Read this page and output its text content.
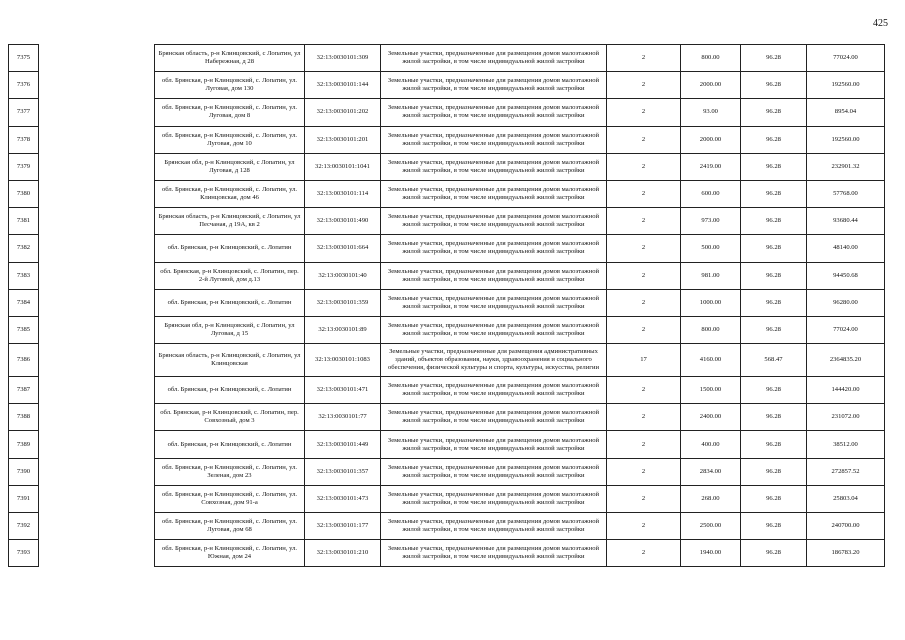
425
7375		Брянская область, р-н Клинцовский, с Лопатин, ул Набережная, д 28	32:13:0030101:309	Земельные участки, предназначенные для размещения домов малоэтажной жилой застройки, в том числе индивидуальной жилой застройки	2	800.00	96.28	77024.00
7376		обл. Брянская, р-н Клинцовский, с. Лопатин, ул. Луговая, дом 130	32:13:0030101:144	Земельные участки, предназначенные для размещения домов малоэтажной жилой застройки, в том числе индивидуальной жилой застройки	2	2000.00	96.28	192560.00
7377		обл. Брянская, р-н Клинцовский, с. Лопатин, ул. Луговая, дом 8	32:13:0030101:202	Земельные участки, предназначенные для размещения домов малоэтажной жилой застройки, в том числе индивидуальной жилой застройки	2	93.00	96.28	8954.04
7378		обл. Брянская, р-н Клинцовский, с. Лопатин, ул. Луговая, дом 10	32:13:0030101:201	Земельные участки, предназначенные для размещения домов малоэтажной жилой застройки, в том числе индивидуальной жилой застройки	2	2000.00	96.28	192560.00
7379		Брянская обл, р-н Клинцовский, с Лопатин, ул Луговая, д 128	32:13:0030101:1041	Земельные участки, предназначенные для размещения домов малоэтажной жилой застройки, в том числе индивидуальной жилой застройки	2	2419.00	96.28	232901.32
7380		обл. Брянская, р-н Клинцовский, с. Лопатин, ул. Клинцовская, дом 46	32:13:0030101:114	Земельные участки, предназначенные для размещения домов малоэтажной жилой застройки, в том числе индивидуальной жилой застройки	2	600.00	96.28	57768.00
7381		Брянская область, р-н Клинцовский, с Лопатин, ул Песчаная, д 19А, кв 2	32:13:0030101:490	Земельные участки, предназначенные для размещения домов малоэтажной жилой застройки, в том числе индивидуальной жилой застройки	2	973.00	96.28	93680.44
7382		обл. Брянская, р-н Клинцовский, с. Лопатин	32:13:0030101:664	Земельные участки, предназначенные для размещения домов малоэтажной жилой застройки, в том числе индивидуальной жилой застройки	2	500.00	96.28	48140.00
7383		обл. Брянская, р-н Клинцовский, с. Лопатин, пер. 2-й Луговой, дом д.13	32:13:0030101:40	Земельные участки, предназначенные для размещения домов малоэтажной жилой застройки, в том числе индивидуальной жилой застройки	2	981.00	96.28	94450.68
7384		обл. Брянская, р-н Клинцовский, с. Лопатин	32:13:0030101:359	Земельные участки, предназначенные для размещения домов малоэтажной жилой застройки, в том числе индивидуальной жилой застройки	2	1000.00	96.28	96280.00
7385		Брянская обл, р-н Клинцовский, с Лопатин, ул Луговая, д 15	32:13:0030101:89	Земельные участки, предназначенные для размещения домов малоэтажной жилой застройки, в том числе индивидуальной жилой застройки	2	800.00	96.28	77024.00
7386		Брянская область, р-н Клинцовский, с Лопатин, ул Клинцовская	32:13:0030101:1083	Земельные участки, предназначенные для размещения административных зданий, объектов образования, науки, здравоохранения и социального обеспечения, физической культуры и спорта, культуры, искусства, религии	17	4160.00	568.47	2364835.20
7387		обл. Брянская, р-н Клинцовский, с. Лопатин	32:13:0030101:471	Земельные участки, предназначенные для размещения домов малоэтажной жилой застройки, в том числе индивидуальной жилой застройки	2	1500.00	96.28	144420.00
7388		обл. Брянская, р-н Клинцовский, с. Лопатин, пер. Совхозный, дом 3	32:13:0030101:77	Земельные участки, предназначенные для размещения домов малоэтажной жилой застройки, в том числе индивидуальной жилой застройки	2	2400.00	96.28	231072.00
7389		обл. Брянская, р-н Клинцовский, с. Лопатин	32:13:0030101:449	Земельные участки, предназначенные для размещения домов малоэтажной жилой застройки, в том числе индивидуальной жилой застройки	2	400.00	96.28	38512.00
7390		обл. Брянская, р-н Клинцовский, с. Лопатин, ул. Зеленая, дом 23	32:13:0030101:357	Земельные участки, предназначенные для размещения домов малоэтажной жилой застройки, в том числе индивидуальной жилой застройки	2	2834.00	96.28	272857.52
7391		обл. Брянская, р-н Клинцовский, с. Лопатин, ул. Совхозная, дом 91-а	32:13:0030101:473	Земельные участки, предназначенные для размещения домов малоэтажной жилой застройки, в том числе индивидуальной жилой застройки	2	268.00	96.28	25803.04
7392		обл. Брянская, р-н Клинцовский, с. Лопатин, ул. Луговая, дом 68	32:13:0030101:177	Земельные участки, предназначенные для размещения домов малоэтажной жилой застройки, в том числе индивидуальной жилой застройки	2	2500.00	96.28	240700.00
7393		обл. Брянская, р-н Клинцовский, с. Лопатин, ул. Южная, дом 24	32:13:0030101:210	Земельные участки, предназначенные для размещения домов малоэтажной жилой застройки, в том числе индивидуальной жилой застройки	2	1940.00	96.28	186783.20
